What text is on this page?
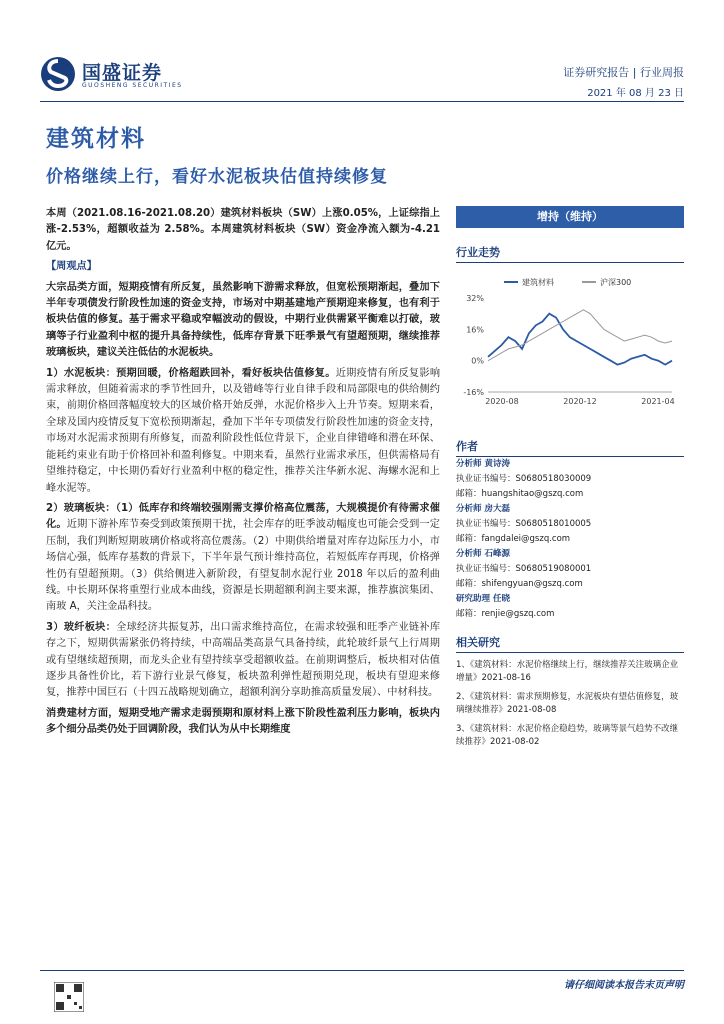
国盛证券
GUOSHENG SECURITIES
证券研究报告 | 行业周报
2021 年 08 月 23 日
建筑材料
价格继续上行，看好水泥板块估值持续修复

本周（2021.08.16-2021.08.20）建筑材料板块（SW）上涨0.05%，上证综指上涨-2.53%，超额收益为 2.58%。本周建筑材料板块（SW）资金净流入额为-4.21 亿元。

【周观点】

大宗品类方面，短期疫情有所反复，虽然影响下游需求释放，但宽松预期渐起，叠加下半年专项债发行阶段性加速的资金支持，市场对中期基建地产预期迎来修复，也有利于板块估值的修复。基于需求平稳或窄幅波动的假设，中期行业供需紧平衡难以打破，玻璃等子行业盈利中枢的提升具备持续性，低库存背景下旺季景气有望超预期，继续推荐玻璃板块，建议关注低估的水泥板块。

1）水泥板块：预期回暖，价格超跌回补，看好板块估值修复。近期疫情有所反复影响需求释放，但随着需求的季节性回升，以及错峰等行业自律手段和局部限电的供给侧约束，前期价格回落幅度较大的区域价格开始反弹，水泥价格步入上升节奏。短期来看，全球及国内疫情反复下宽松预期渐起，叠加下半年专项债发行阶段性加速的资金支持，市场对水泥需求预期有所修复，而盈利阶段性低位背景下，企业自律错峰和潜在环保、能耗约束业有助于价格回补和盈利修复。中期来看，虽然行业需求承压，但供需格局有望维持稳定，中长期仍看好行业盈利中枢的稳定性，推荐关注华新水泥、海螺水泥和上峰水泥等。

2）玻璃板块：（1）低库存和终端较强刚需支撑价格高位震荡，大规模提价有待需求催化。近期下游补库节奏受到政策预期干扰，社会库存的旺季波动幅度也可能会受到一定压制，我们判断短期玻璃价格或将高位震荡。（2）中期供给增量对库存边际压力小，市场信心强，低库存基数的背景下，下半年景气预计维持高位，若短低库存再现，价格弹性仍有望超预期。（3）供给侧进入新阶段，有望复制水泥行业 2018 年以后的盈利曲线。中长期环保将重塑行业成本曲线，资源是长期超额利润主要来源，推荐旗滨集团、南玻 A，关注金晶科技。

3）玻纤板块：全球经济共振复苏，出口需求维持高位，在需求较强和旺季产业链补库存之下，短期供需紧张仍将持续，中高端品类高景气具备持续，此轮玻纤景气上行周期或有望继续超预期，而龙头企业有望持续享受超额收益。在前期调整后，板块相对估值逐步具备性价比，若下游行业景气修复，板块盈利弹性超预期兑现，板块有望迎来修复，推荐中国巨石（十四五战略规划确立，超额利润分享助推高质量发展）、中材科技。

消费建材方面，短期受地产需求走弱预期和原材料上涨下阶段性盈利压力影响，板块内多个细分品类仍处于回调阶段，我们认为从中长期维度

增持（维持）
行业走势
32%
16%
0%
-16%
2020-08	2020-12	2021-04
建筑材料	沪深300
作者
分析师 黄诗涛
执业证书编号：S0680518030009
邮箱：huangshitao@gszq.com
分析师 房大磊
执业证书编号：S0680518010005
邮箱：fangdalei@gszq.com
分析师 石峰源
执业证书编号：S0680519080001
邮箱：shifengyuan@gszq.com
研究助理 任晓
邮箱：renjie@gszq.com
相关研究
1、《建筑材料：水泥价格继续上行，继续推荐关注玻璃企业增量》2021-08-16
2、《建筑材料：需求预期修复，水泥板块有望估值修复，玻璃继续推荐》2021-08-08
3、《建筑材料：水泥价格企稳趋势，玻璃等景气趋势不改继续推荐》2021-08-02
请仔细阅读本报告末页声明
